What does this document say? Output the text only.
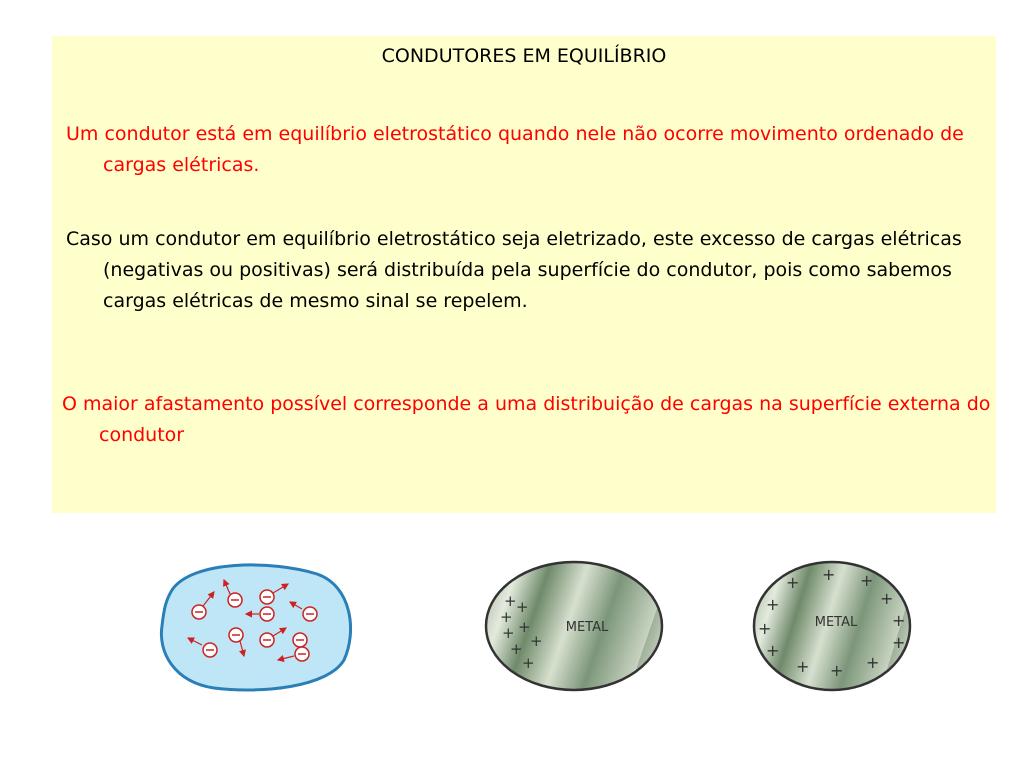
CONDUTORES EM EQUILÍBRIO
Um condutor está em equilíbrio eletrostático quando nele não ocorre movimento ordenado de cargas elétricas.
Caso um condutor em equilíbrio eletrostático seja eletrizado, este excesso de cargas elétricas (negativas ou positivas) será distribuída pela superfície do condutor, pois como sabemos cargas elétricas de mesmo sinal se repelem.
O maior afastamento possível corresponde a uma distribuição de cargas na superfície externa do condutor
METAL
+ +
+
+
+ +
+
+
METAL
+ + +
+	+
+	+
+	+
+ + +
